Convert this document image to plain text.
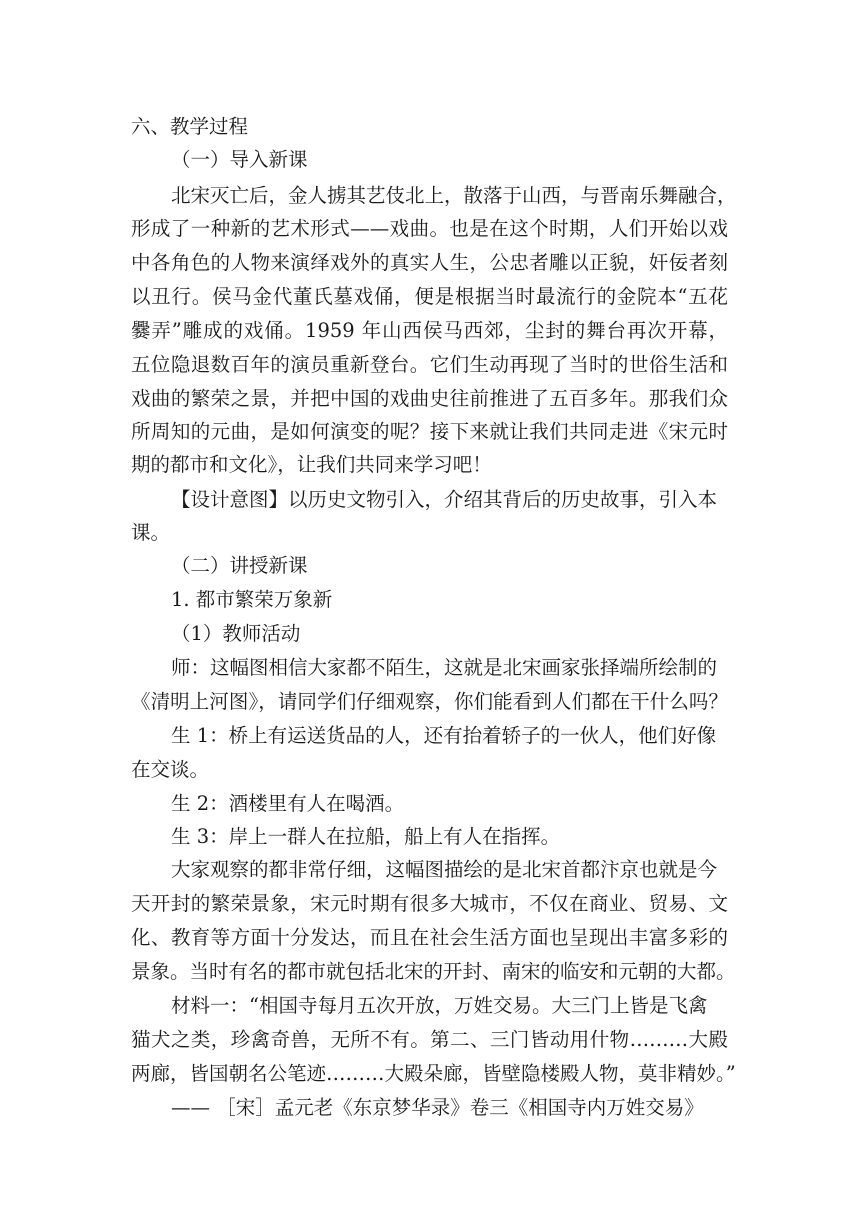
六、教学过程
（一）导入新课
北宋灭亡后，金人掳其艺伎北上，散落于山西，与晋南乐舞融合，
形成了一种新的艺术形式——戏曲。也是在这个时期，人们开始以戏
中各角色的人物来演绎戏外的真实人生，公忠者雕以正貌，奸佞者刻
以丑行。侯马金代董氏墓戏俑，便是根据当时最流行的金院本“五花
爨弄”雕成的戏俑。1959 年山西侯马西郊，尘封的舞台再次开幕，
五位隐退数百年的演员重新登台。它们生动再现了当时的世俗生活和
戏曲的繁荣之景，并把中国的戏曲史往前推进了五百多年。那我们众
所周知的元曲，是如何演变的呢？接下来就让我们共同走进《宋元时
期的都市和文化》，让我们共同来学习吧！
【设计意图】以历史文物引入，介绍其背后的历史故事，引入本
课。
（二）讲授新课
1. 都市繁荣万象新
（1）教师活动
师：这幅图相信大家都不陌生，这就是北宋画家张择端所绘制的
《清明上河图》，请同学们仔细观察，你们能看到人们都在干什么吗？
生 1：桥上有运送货品的人，还有抬着轿子的一伙人，他们好像
在交谈。
生 2：酒楼里有人在喝酒。
生 3：岸上一群人在拉船，船上有人在指挥。
大家观察的都非常仔细，这幅图描绘的是北宋首都汴京也就是今
天开封的繁荣景象，宋元时期有很多大城市，不仅在商业、贸易、文
化、教育等方面十分发达，而且在社会生活方面也呈现出丰富多彩的
景象。当时有名的都市就包括北宋的开封、南宋的临安和元朝的大都。
材料一：“相国寺每月五次开放，万姓交易。大三门上皆是飞禽
猫犬之类，珍禽奇兽，无所不有。第二、三门皆动用什物………大殿
两廊，皆国朝名公笔迹………大殿朵廊，皆壁隐楼殿人物，莫非精妙。”
—— ［宋］孟元老《东京梦华录》卷三《相国寺内万姓交易》
